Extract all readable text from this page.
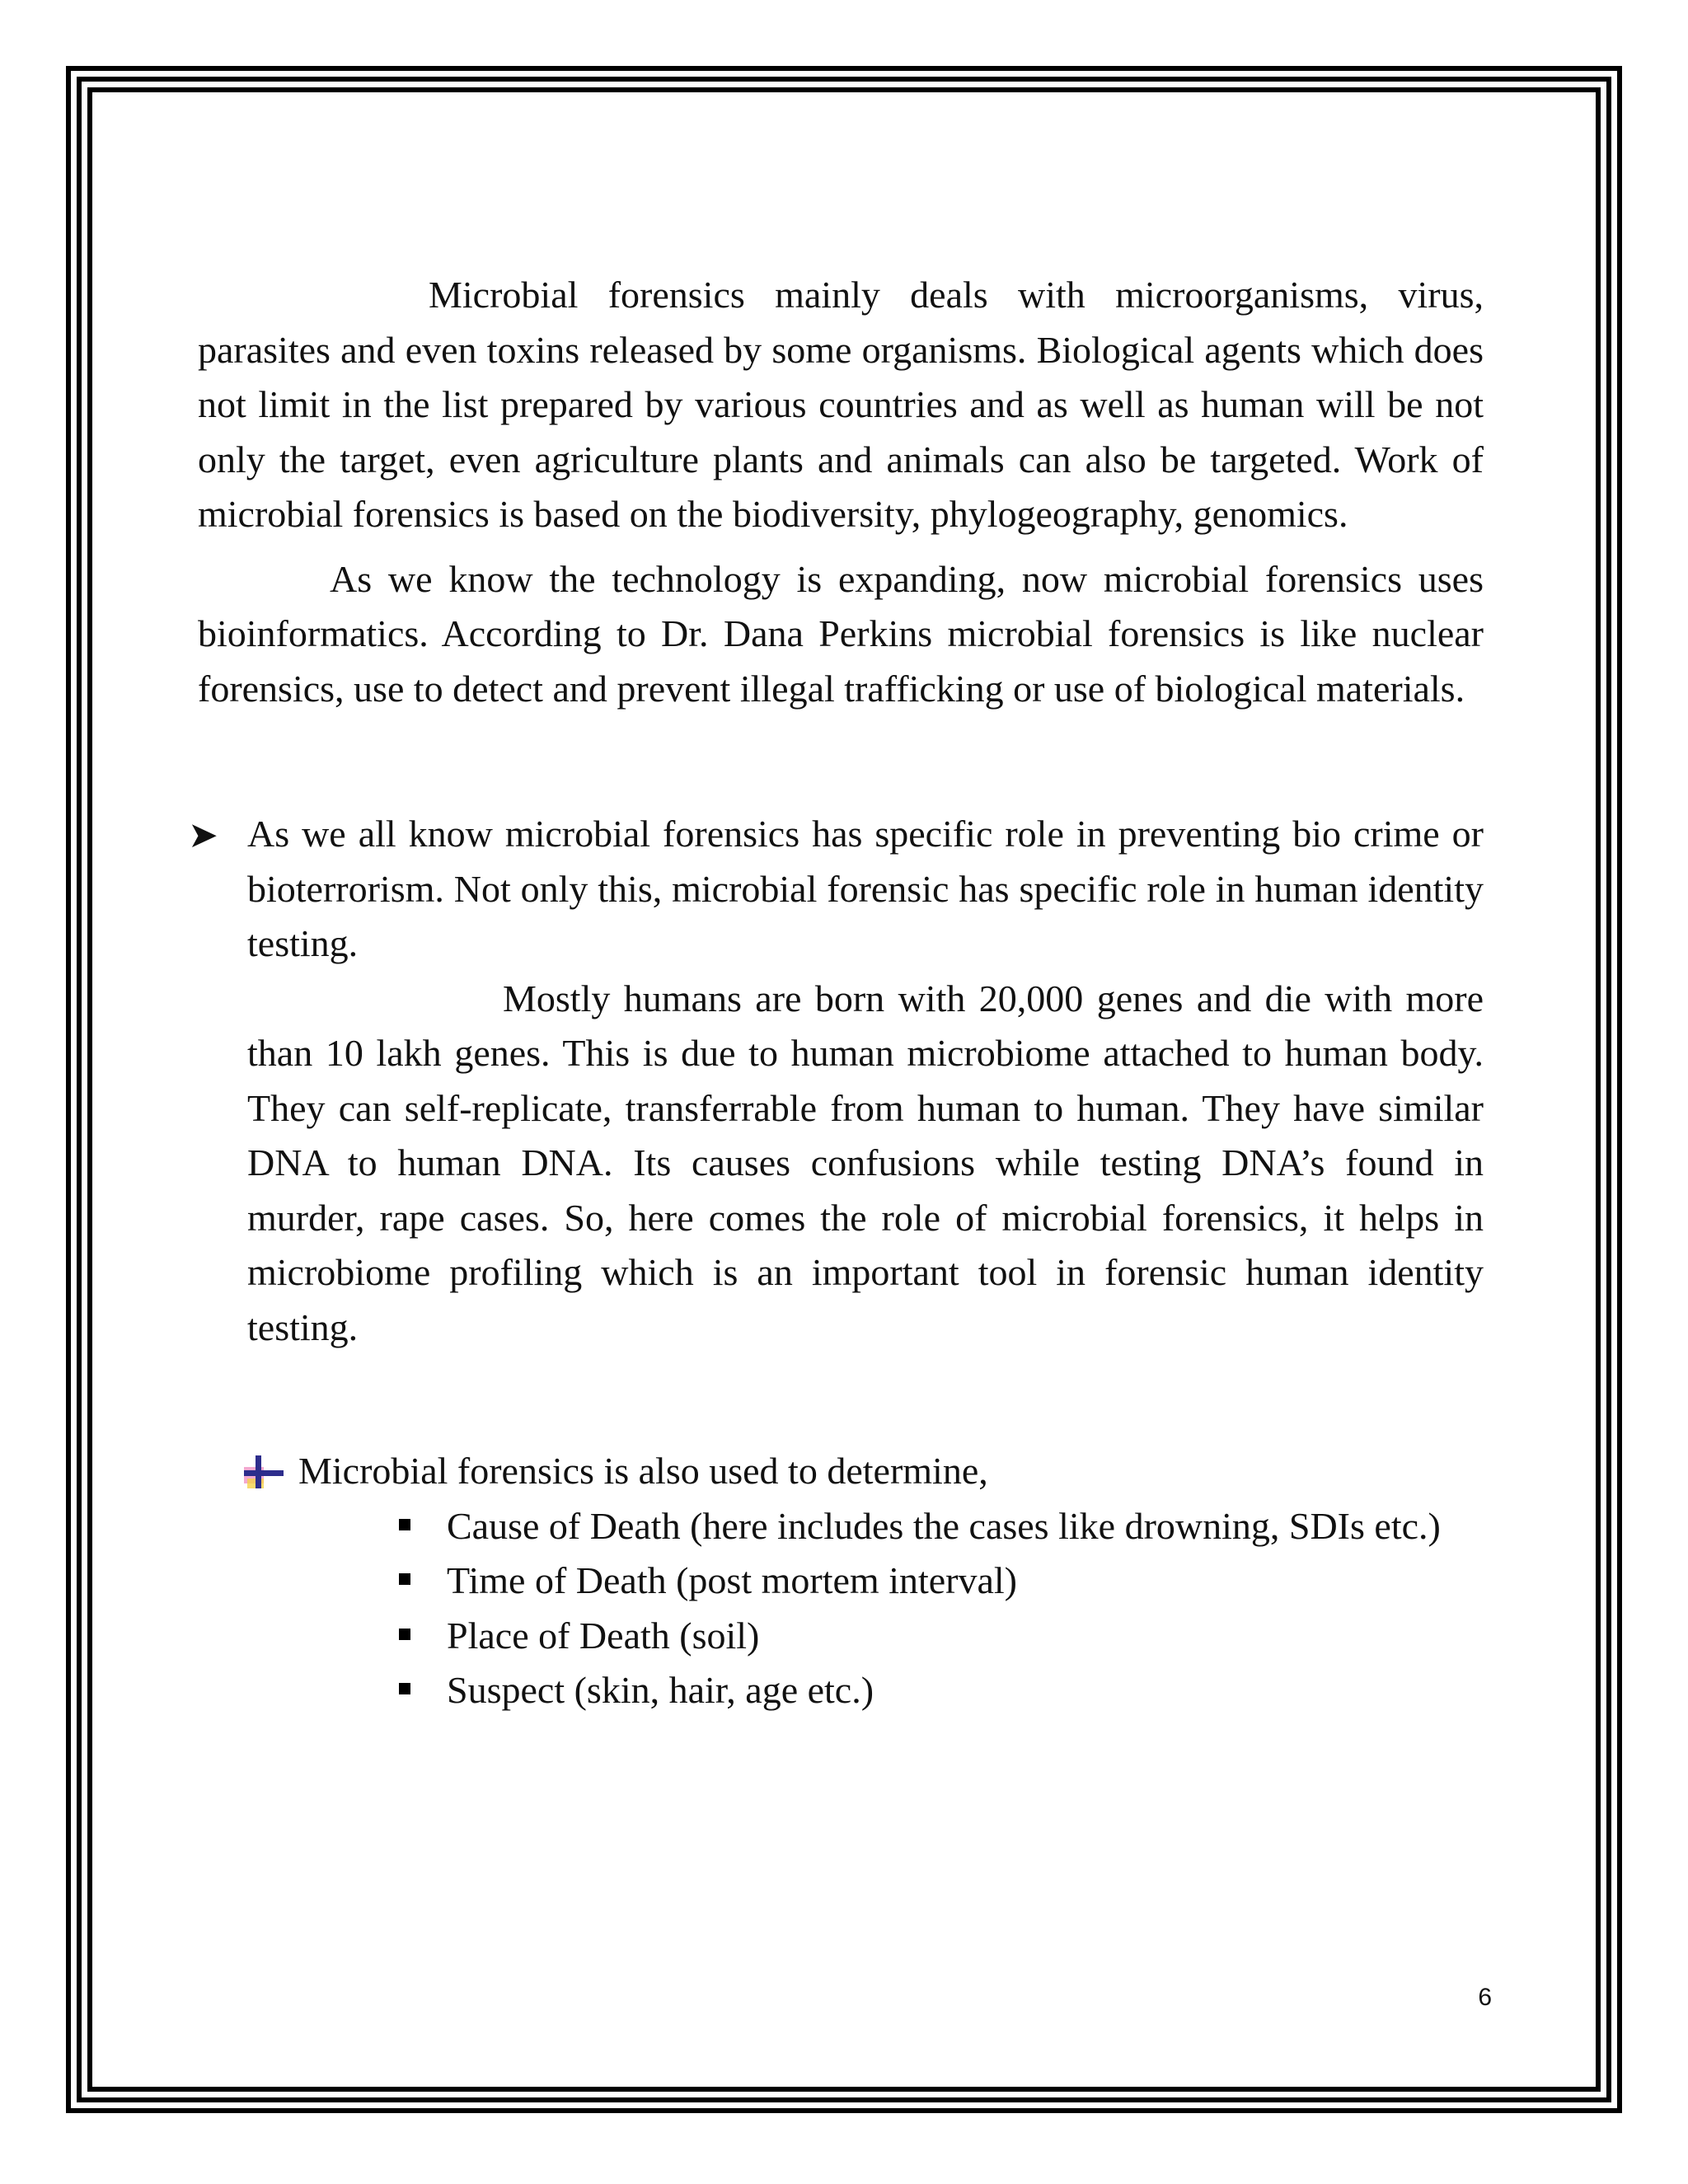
Microbial forensics mainly deals with microorganisms, virus, parasites and even toxins released by some organisms. Biological agents which does not limit in the list prepared by various countries and as well as human will be not only the target, even agriculture plants and animals can also be targeted. Work of microbial forensics is based on the biodiversity, phylogeography, genomics.

As we know the technology is expanding, now microbial forensics uses bioinformatics. According to Dr. Dana Perkins microbial forensics is like nuclear forensics, use to detect and prevent illegal trafficking or use of biological materials.

➤ As we all know microbial forensics has specific role in preventing bio crime or bioterrorism. Not only this, microbial forensic has specific role in human identity testing.

Mostly humans are born with 20,000 genes and die with more than 10 lakh genes. This is due to human microbiome attached to human body. They can self-replicate, transferrable from human to human. They have similar DNA to human DNA. Its causes confusions while testing DNA’s found in murder, rape cases. So, here comes the role of microbial forensics, it helps in microbiome profiling which is an important tool in forensic human identity testing.

Microbial forensics is also used to determine,

Cause of Death (here includes the cases like drowning, SDIs etc.)
Time of Death (post mortem interval)
Place of Death (soil)
Suspect (skin, hair, age etc.)
6
